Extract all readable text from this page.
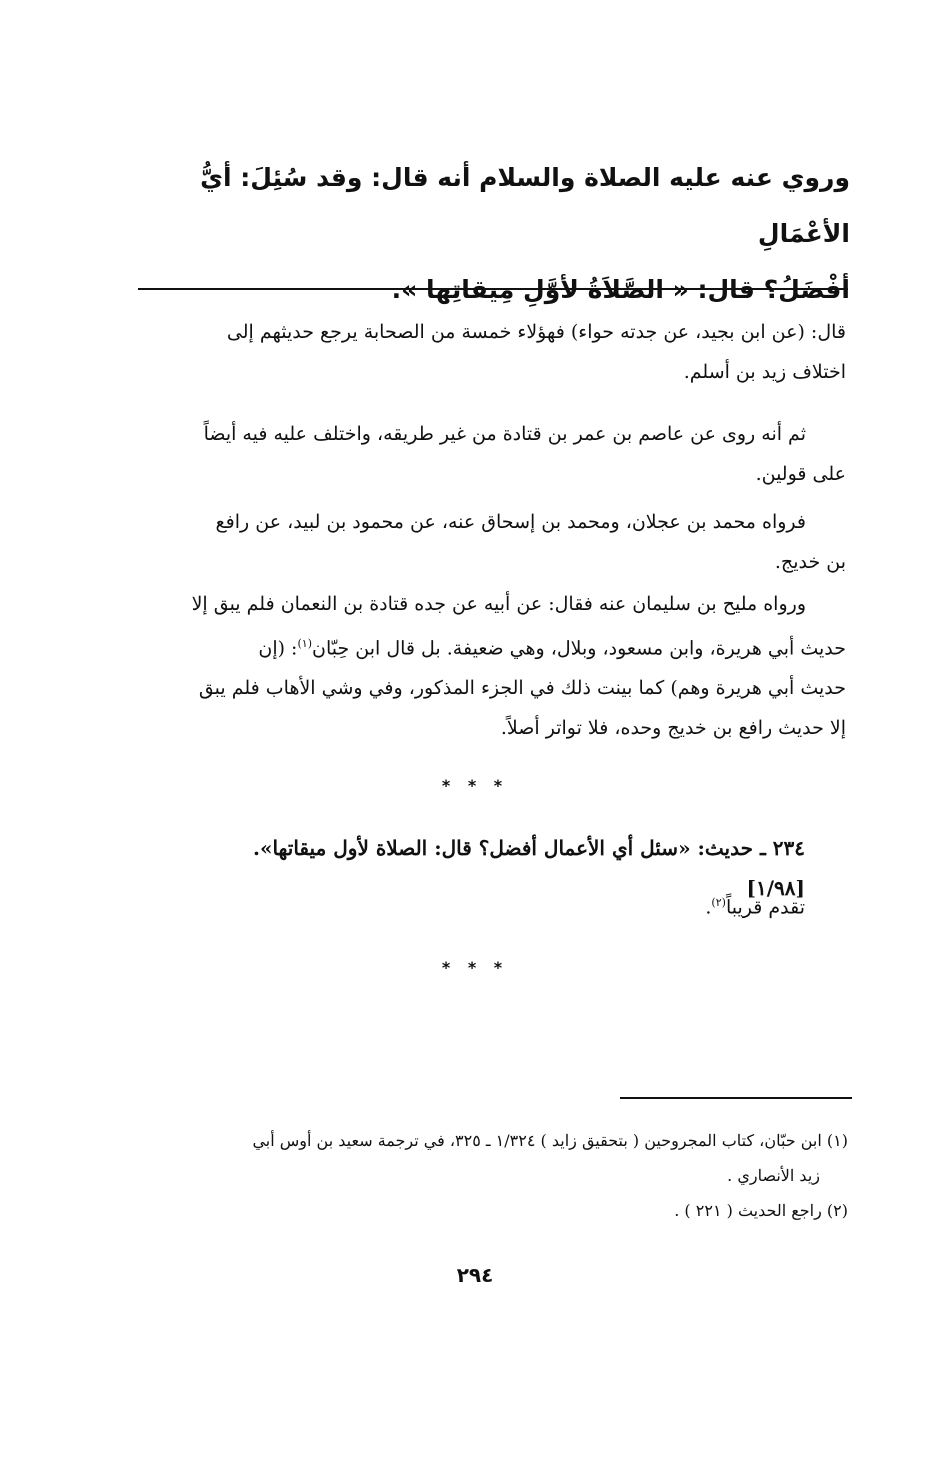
وروي عنه عليه الصلاة والسلام أنه قال: وقد سُئِلَ: أيُّ الأعْمَالِ
أفْضَلُ؟ قال: « الصَّلاَةُ لأوَّلِ مِيقاتِها ».
قال: (عن ابن بجيد، عن جدته حواء) فهؤلاء خمسة من الصحابة يرجع حديثهم إلى
اختلاف زيد بن أسلم.
ثم أنه روى عن عاصم بن عمر بن قتادة من غير طريقه، واختلف عليه فيه أيضاً
على قولين.
فرواه محمد بن عجلان، ومحمد بن إسحاق عنه، عن محمود بن لبيد، عن رافع
بن خديج.
ورواه مليح بن سليمان عنه فقال: عن أبيه عن جده قتادة بن النعمان فلم يبق إلا
حديث أبي هريرة، وابن مسعود، وبلال، وهي ضعيفة. بل قال ابن حِبّان$^{(١)}$: (إن
حديث أبي هريرة وهم) كما بينت ذلك في الجزء المذكور، وفي وشي الأهاب فلم يبق
إلا حديث رافع بن خديج وحده، فلا تواتر أصلاً.
* * *
٢٣٤ ـ حديث: «سئل أي الأعمال أفضل؟ قال: الصلاة لأول ميقاتها». [١/٩٨]
تقدم قريباً$^{(٢)}$.
* * *
(١) ابن حبّان، كتاب المجروحين ( بتحقيق زايد ) ١/٣٢٤ ـ ٣٢٥، في ترجمة سعيد بن أوس أبي
زيد الأنصاري .
(٢) راجع الحديث ( ٢٢١ ) .
٢٩٤
